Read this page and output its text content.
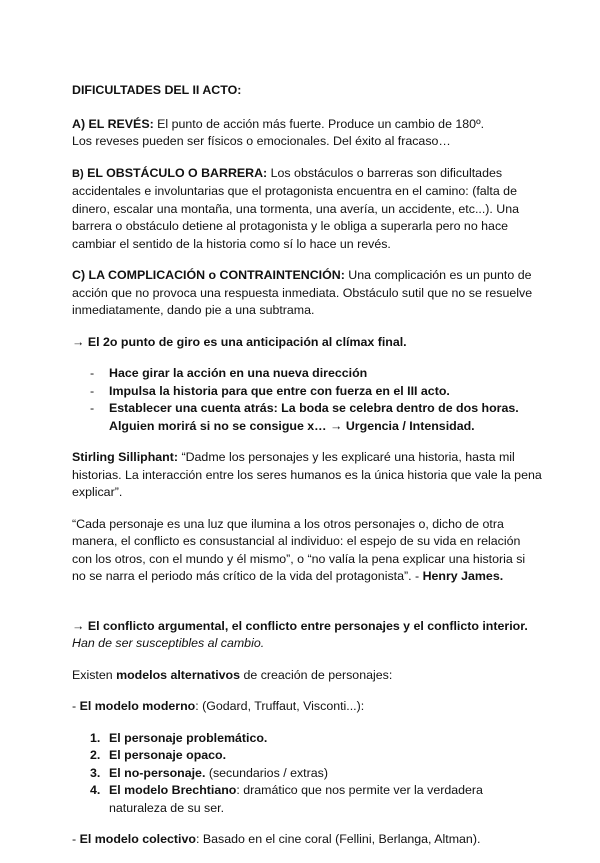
DIFICULTADES DEL II ACTO:

A) EL REVÉS: El punto de acción más fuerte. Produce un cambio de 180º.

Los reveses pueden ser físicos o emocionales. Del éxito al fracaso…

B) EL OBSTÁCULO O BARRERA: Los obstáculos o barreras son dificultades accidentales e involuntarias que el protagonista encuentra en el camino: (falta de dinero, escalar una montaña, una tormenta, una avería, un accidente, etc...). Una barrera o obstáculo detiene al protagonista y le obliga a superarla pero no hace cambiar el sentido de la historia como sí lo hace un revés.

C) LA COMPLICACIÓN o CONTRAINTENCIÓN: Una complicación es un punto de acción que no provoca una respuesta inmediata. Obstáculo sutil que no se resuelve inmediatamente, dando pie a una subtrama.

→ El 2o punto de giro es una anticipación al clímax final.

- Hace girar la acción en una nueva dirección
- Impulsa la historia para que entre con fuerza en el III acto.
- Establecer una cuenta atrás: La boda se celebra dentro de dos horas. Alguien morirá si no se consigue x… → Urgencia / Intensidad.

Stirling Silliphant: “Dadme los personajes y les explicaré una historia, hasta mil historias. La interacción entre los seres humanos es la única historia que vale la pena explicar”.

“Cada personaje es una luz que ilumina a los otros personajes o, dicho de otra manera, el conflicto es consustancial al individuo: el espejo de su vida en relación con los otros, con el mundo y él mismo”, o “no valía la pena explicar una historia si no se narra el periodo más crítico de la vida del protagonista”. - Henry James.

→ El conflicto argumental, el conflicto entre personajes y el conflicto interior.

Han de ser susceptibles al cambio.

Existen modelos alternativos de creación de personajes:

- El modelo moderno: (Godard, Truffaut, Visconti...):

1. El personaje problemático.
2. El personaje opaco.
3. El no-personaje. (secundarios / extras)
4. El modelo Brechtiano: dramático que nos permite ver la verdadera naturaleza de su ser.

- El modelo colectivo: Basado en el cine coral (Fellini, Berlanga, Altman).
